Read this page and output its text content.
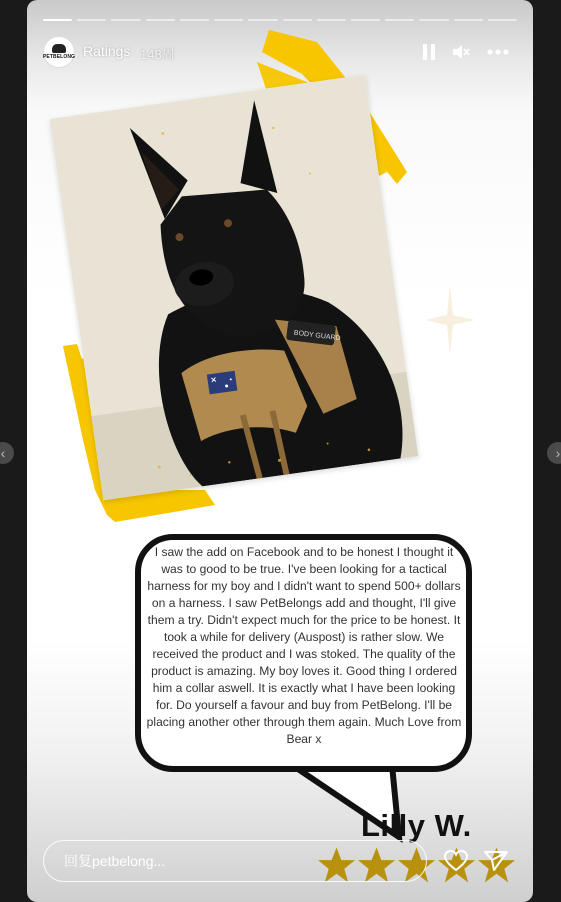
‹	›
PETBELONG Ratings 148周
BODY GUARD
I saw the add on Facebook and to be honest I thought it was to good to be true. I've been looking for a tactical harness for my boy and I didn't want to spend 500+ dollars on a harness. I saw PetBelongs add and thought, I'll give them a try. Didn't expect much for the price to be honest. It took a while for delivery (Auspost) is rather slow. We received the product and I was stoked. The quality of the product is amazing. My boy loves it. Good thing I ordered him a collar aswell. It is exactly what I have been looking for. Do yourself a favour and buy from PetBelong. I'll be placing another other through them again. Much Love from Bear x
Lilly W.
回复petbelong...
